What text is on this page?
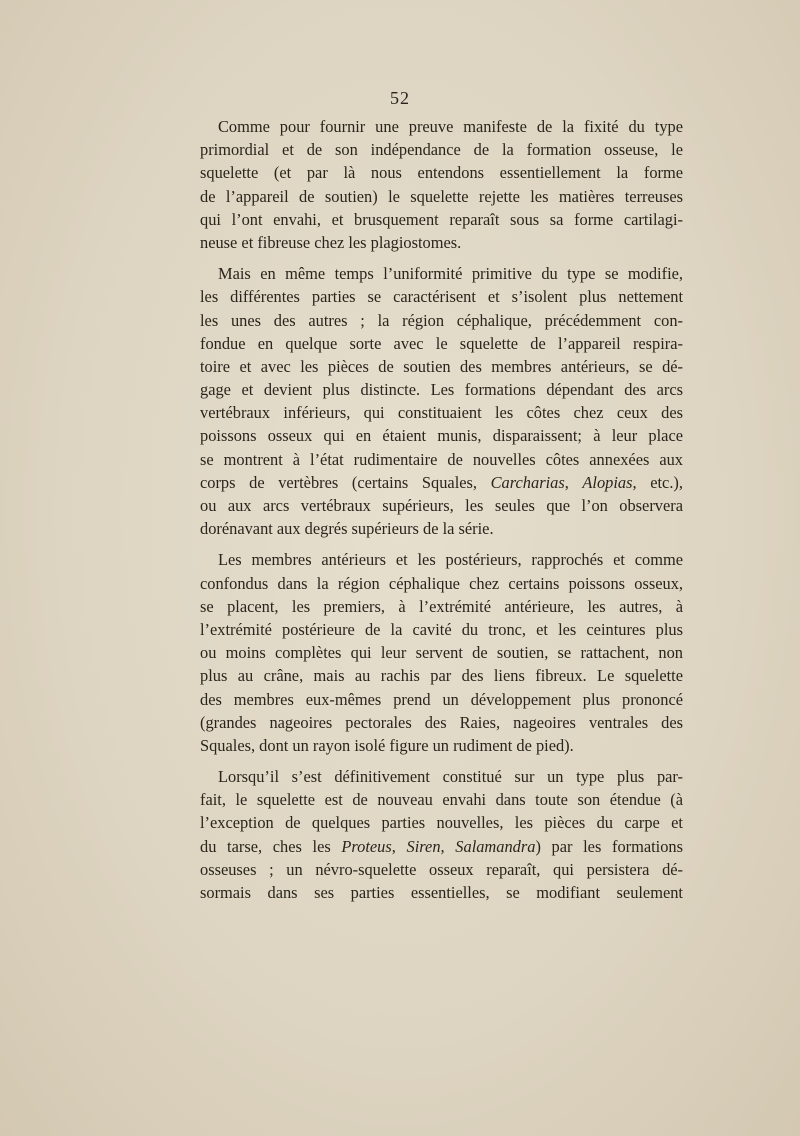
52

Comme pour fournir une preuve manifeste de la fixité du type
primordial et de son indépendance de la formation osseuse, le
squelette (et par là nous entendons essentiellement la forme
de l’appareil de soutien) le squelette rejette les matières terreuses
qui l’ont envahi, et brusquement reparaît sous sa forme cartilagi-
neuse et fibreuse chez les plagiostomes.

Mais en même temps l’uniformité primitive du type se modifie,
les différentes parties se caractérisent et s’isolent plus nettement
les unes des autres ; la région céphalique, précédemment con-
fondue en quelque sorte avec le squelette de l’appareil respira-
toire et avec les pièces de soutien des membres antérieurs, se dé-
gage et devient plus distincte. Les formations dépendant des arcs
vertébraux inférieurs, qui constituaient les côtes chez ceux des
poissons osseux qui en étaient munis, disparaissent; à leur place
se montrent à l’état rudimentaire de nouvelles côtes annexées aux
corps de vertèbres (certains Squales, Carcharias, Alopias, etc.),
ou aux arcs vertébraux supérieurs, les seules que l’on observera
dorénavant aux degrés supérieurs de la série.

Les membres antérieurs et les postérieurs, rapprochés et comme
confondus dans la région céphalique chez certains poissons osseux,
se placent, les premiers, à l’extrémité antérieure, les autres, à
l’extrémité postérieure de la cavité du tronc, et les ceintures plus
ou moins complètes qui leur servent de soutien, se rattachent, non
plus au crâne, mais au rachis par des liens fibreux. Le squelette
des membres eux-mêmes prend un développement plus prononcé
(grandes nageoires pectorales des Raies, nageoires ventrales des
Squales, dont un rayon isolé figure un rudiment de pied).

Lorsqu’il s’est définitivement constitué sur un type plus par-
fait, le squelette est de nouveau envahi dans toute son étendue (à
l’exception de quelques parties nouvelles, les pièces du carpe et
du tarse, ches les Proteus, Siren, Salamandra) par les formations
osseuses ; un névro-squelette osseux reparaît, qui persistera dé-
sormais dans ses parties essentielles, se modifiant seulement
